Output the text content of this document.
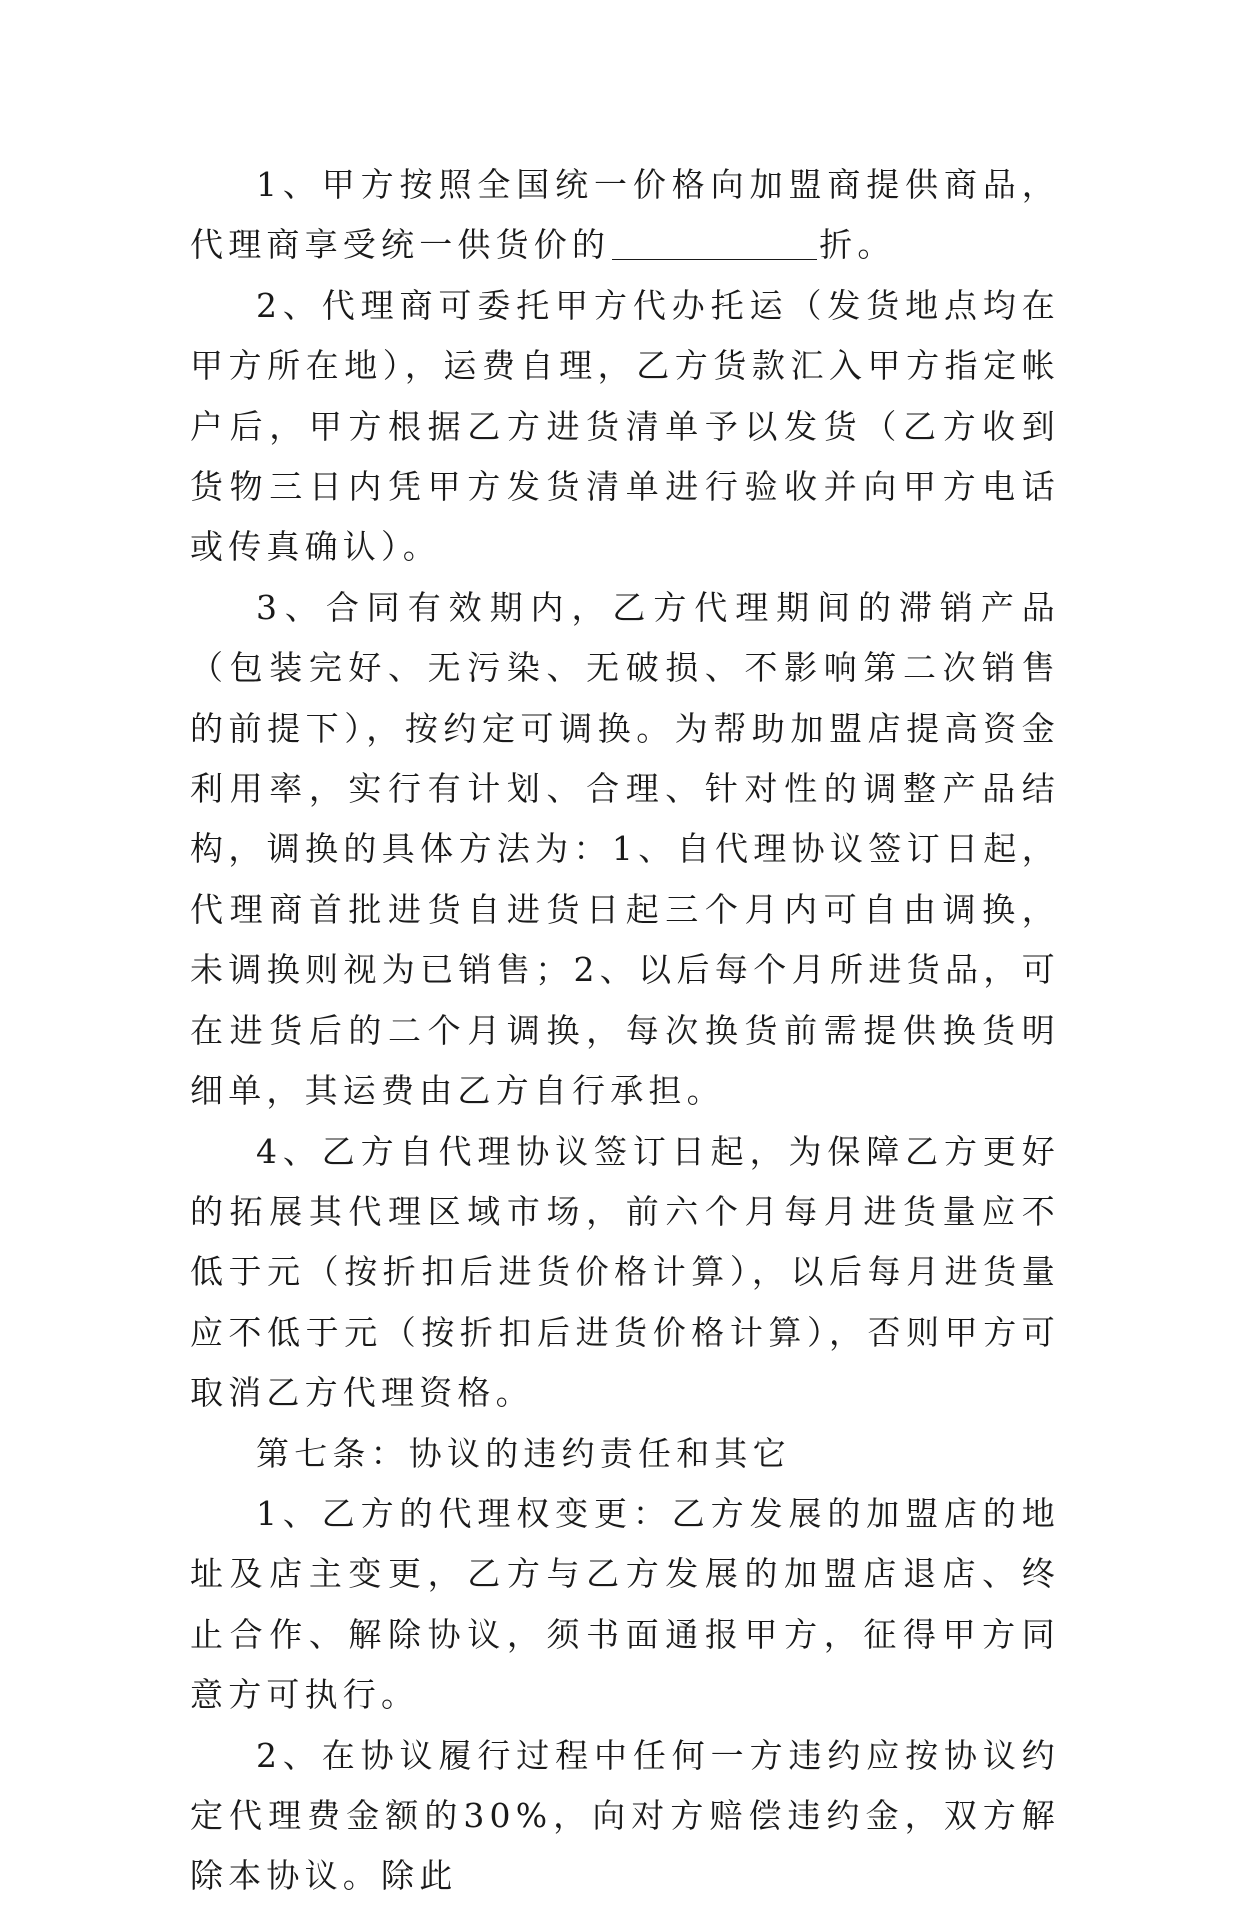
1、甲方按照全国统一价格向加盟商提供商品，代理商享受统一供货价的	折。

2、代理商可委托甲方代办托运（发货地点均在甲方所在地），运费自理，乙方货款汇入甲方指定帐户后，甲方根据乙方进货清单予以发货（乙方收到货物三日内凭甲方发货清单进行验收并向甲方电话或传真确认）。

3、合同有效期内，乙方代理期间的滞销产品（包装完好、无污染、无破损、不影响第二次销售的前提下），按约定可调换。为帮助加盟店提高资金利用率，实行有计划、合理、针对性的调整产品结构，调换的具体方法为：1、自代理协议签订日起，代理商首批进货自进货日起三个月内可自由调换，未调换则视为已销售；2、以后每个月所进货品，可在进货后的二个月调换，每次换货前需提供换货明细单，其运费由乙方自行承担。

4、乙方自代理协议签订日起，为保障乙方更好的拓展其代理区域市场，前六个月每月进货量应不低于元（按折扣后进货价格计算），以后每月进货量应不低于元（按折扣后进货价格计算），否则甲方可取消乙方代理资格。

第七条：协议的违约责任和其它

1、乙方的代理权变更：乙方发展的加盟店的地址及店主变更，乙方与乙方发展的加盟店退店、终止合作、解除协议，须书面通报甲方，征得甲方同意方可执行。

2、在协议履行过程中任何一方违约应按协议约定代理费金额的30%，向对方赔偿违约金，双方解除本协议。除此
